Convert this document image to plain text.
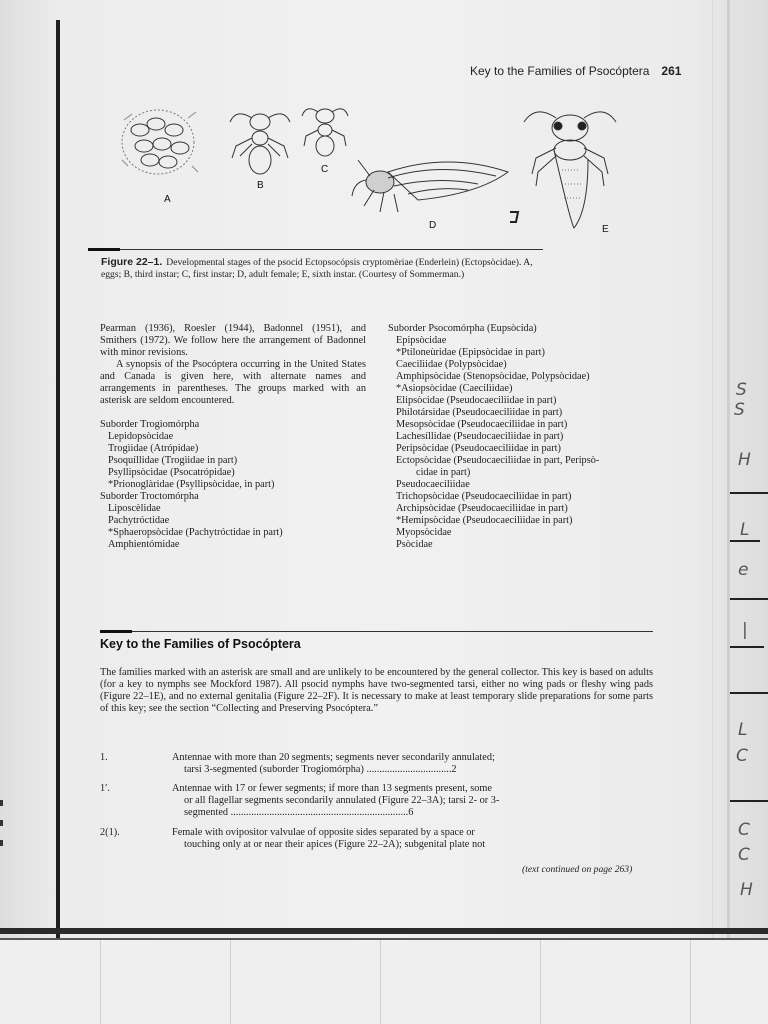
Key to the Families of Psocóptera 261
A
B
C
D	E
Figure 22–1. Developmental stages of the psocid Ectopsocópsis cryptomèriae (Enderlein) (Ectopsòcidae). A, eggs; B, third instar; C, first instar; D, adult female; E, sixth instar. (Courtesy of Sommerman.)

Pearman (1936), Roesler (1944), Badonnel (1951), and Smithers (1972). We follow here the arrangement of Badonnel with minor revisions.

A synopsis of the Psocóptera occurring in the United States and Canada is given here, with alternate names and arrangements in parentheses. The groups marked with an asterisk are seldom encountered.

Suborder Trogiomórpha
Lepidopsòcidae
Trogìidae (Atrópidae)
Psoquíllidae (Trogìidae in part)
Psyllipsòcidae (Psocatrópidae)
*Prionoglàridae (Psyllipsòcidae, in part)
Suborder Troctomórpha
Liposcèlidae
Pachytróctidae
*Sphaeropsòcidae (Pachytróctidae in part)
Amphientómidae
Suborder Psocomórpha (Eupsòcida)
Epipsòcidae
*Ptiloneùridae (Epipsòcidae in part)
Caecilìidae (Polypsòcidae)
Amphipsòcidae (Stenopsòcidae, Polypsòcidae)
*Asiopsòcidae (Caecilìidae)
Elipsòcidae (Pseudocaecilìidae in part)
Philotársidae (Pseudocaecilìidae in part)
Mesopsòcidae (Pseudocaecilìidae in part)
Lachesíllidae (Pseudocaecilìidae in part)
Peripsòcidae (Pseudocaecilìidae in part)
Ectopsòcidae (Pseudocaecilìidae in part, Peripsò-
cidae in part)
Pseudocaecilìidae
Trichopsòcidae (Pseudocaecilìidae in part)
Archipsòcidae (Pseudocaecilìidae in part)
*Hemipsòcidae (Pseudocaecilìidae in part)
Myopsòcidae
Psòcidae
Key to the Families of Psocóptera
The families marked with an asterisk are small and are unlikely to be encountered by the general collector. This key is based on adults (for a key to nymphs see Mockford 1987). All psocid nymphs have two-segmented tarsi, either no wing pads or fleshy wing pads (Figure 22–1E), and no external genitalia (Figure 22–2F). It is necessary to make at least temporary slide preparations for some parts of this key; see the section “Collecting and Preserving Psocóptera.”
1.	Antennae with more than 20 segments; segments never secondarily annulated;
tarsi 3-segmented (suborder Trogiomórpha) .................................2
1′.	Antennae with 17 or fewer segments; if more than 13 segments present, some
or all flagellar segments secondarily annulated (Figure 22–3A); tarsi 2- or 3-
segmented .....................................................................6
2(1).	Female with ovipositor valvulae of opposite sides separated by a space or
touching only at or near their apices (Figure 22–2A); subgenital plate not
(text continued on page 263)
S
S
H
L
e
|
L
C
C
C
H
